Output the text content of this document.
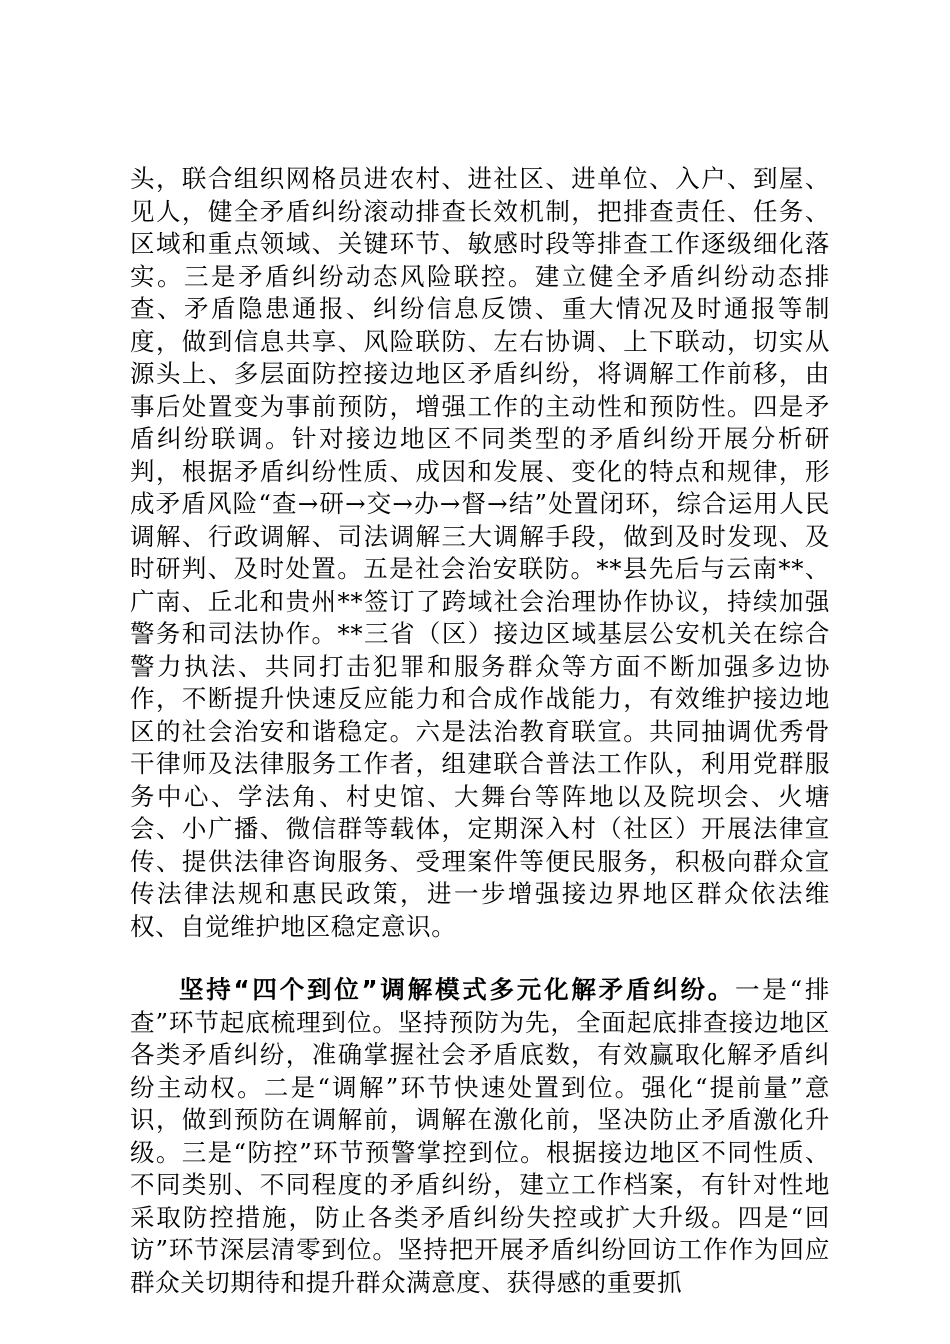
头，联合组织网格员进农村、进社区、进单位、入户、到屋、见人，健全矛盾纠纷滚动排查长效机制，把排查责任、任务、区域和重点领域、关键环节、敏感时段等排查工作逐级细化落实。三是矛盾纠纷动态风险联控。建立健全矛盾纠纷动态排查、矛盾隐患通报、纠纷信息反馈、重大情况及时通报等制度，做到信息共享、风险联防、左右协调、上下联动，切实从源头上、多层面防控接边地区矛盾纠纷，将调解工作前移，由事后处置变为事前预防，增强工作的主动性和预防性。四是矛盾纠纷联调。针对接边地区不同类型的矛盾纠纷开展分析研判，根据矛盾纠纷性质、成因和发展、变化的特点和规律，形成矛盾风险“查→研→交→办→督→结”处置闭环，综合运用人民调解、行政调解、司法调解三大调解手段，做到及时发现、及时研判、及时处置。五是社会治安联防。**县先后与云南**、广南、丘北和贵州**签订了跨域社会治理协作协议，持续加强警务和司法协作。**三省（区）接边区域基层公安机关在综合警力执法、共同打击犯罪和服务群众等方面不断加强多边协作，不断提升快速反应能力和合成作战能力，有效维护接边地区的社会治安和谐稳定。六是法治教育联宣。共同抽调优秀骨干律师及法律服务工作者，组建联合普法工作队，利用党群服务中心、学法角、村史馆、大舞台等阵地以及院坝会、火塘会、小广播、微信群等载体，定期深入村（社区）开展法律宣传、提供法律咨询服务、受理案件等便民服务，积极向群众宣传法律法规和惠民政策，进一步增强接边界地区群众依法维权、自觉维护地区稳定意识。

坚持“四个到位”调解模式多元化解矛盾纠纷。一是“排查”环节起底梳理到位。坚持预防为先，全面起底排查接边地区各类矛盾纠纷，准确掌握社会矛盾底数，有效赢取化解矛盾纠纷主动权。二是“调解”环节快速处置到位。强化“提前量”意识，做到预防在调解前，调解在激化前，坚决防止矛盾激化升级。三是“防控”环节预警掌控到位。根据接边地区不同性质、不同类别、不同程度的矛盾纠纷，建立工作档案，有针对性地采取防控措施，防止各类矛盾纠纷失控或扩大升级。四是“回访”环节深层清零到位。坚持把开展矛盾纠纷回访工作作为回应群众关切期待和提升群众满意度、获得感的重要抓
